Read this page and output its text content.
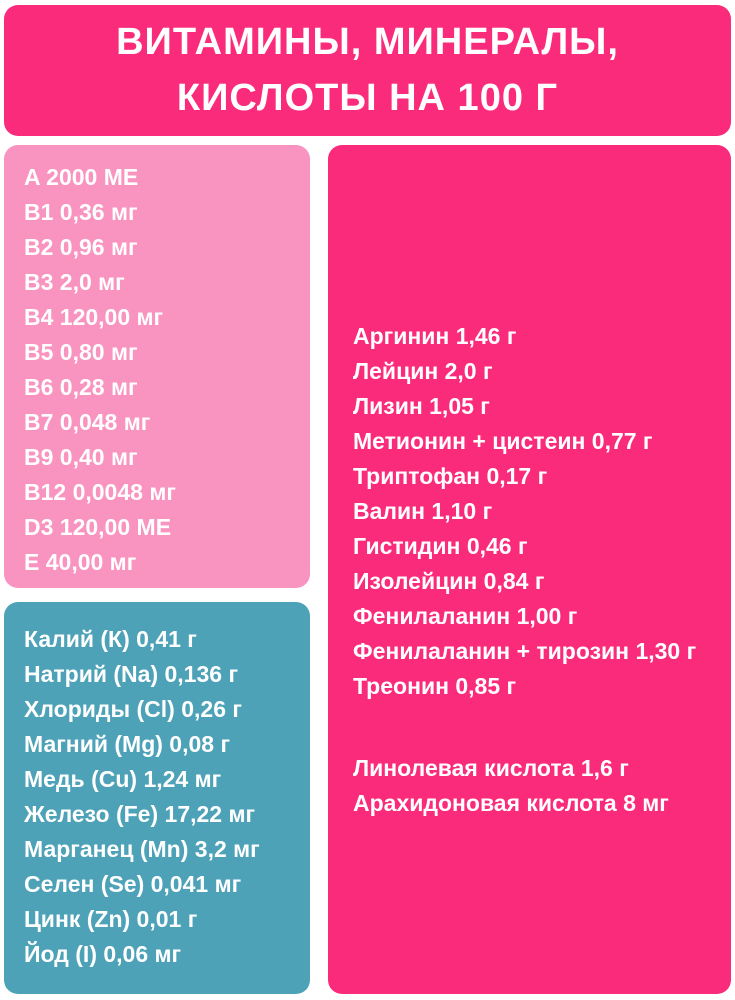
ВИТАМИНЫ, МИНЕРАЛЫ,
КИСЛОТЫ НА 100 Г
A 2000 МЕ
B1 0,36 мг
B2 0,96 мг
B3 2,0 мг
B4 120,00 мг
B5 0,80 мг
B6 0,28 мг
B7 0,048 мг
B9 0,40 мг
B12 0,0048 мг
D3 120,00 МЕ
E 40,00 мг
Калий (К) 0,41 г
Натрий (Na) 0,136 г
Хлориды (Cl) 0,26 г
Магний (Mg) 0,08 г
Медь (Cu) 1,24 мг
Железо (Fe) 17,22 мг
Марганец (Mn) 3,2 мг
Селен (Se) 0,041 мг
Цинк (Zn) 0,01 г
Йод (I) 0,06 мг
Аргинин 1,46 г
Лейцин 2,0 г
Лизин 1,05 г
Метионин + цистеин 0,77 г
Триптофан 0,17 г
Валин 1,10 г
Гистидин 0,46 г
Изолейцин 0,84 г
Фенилаланин 1,00 г
Фенилаланин + тирозин 1,30 г
Треонин 0,85 г
Линолевая кислота 1,6 г
Арахидоновая кислота 8 мг
